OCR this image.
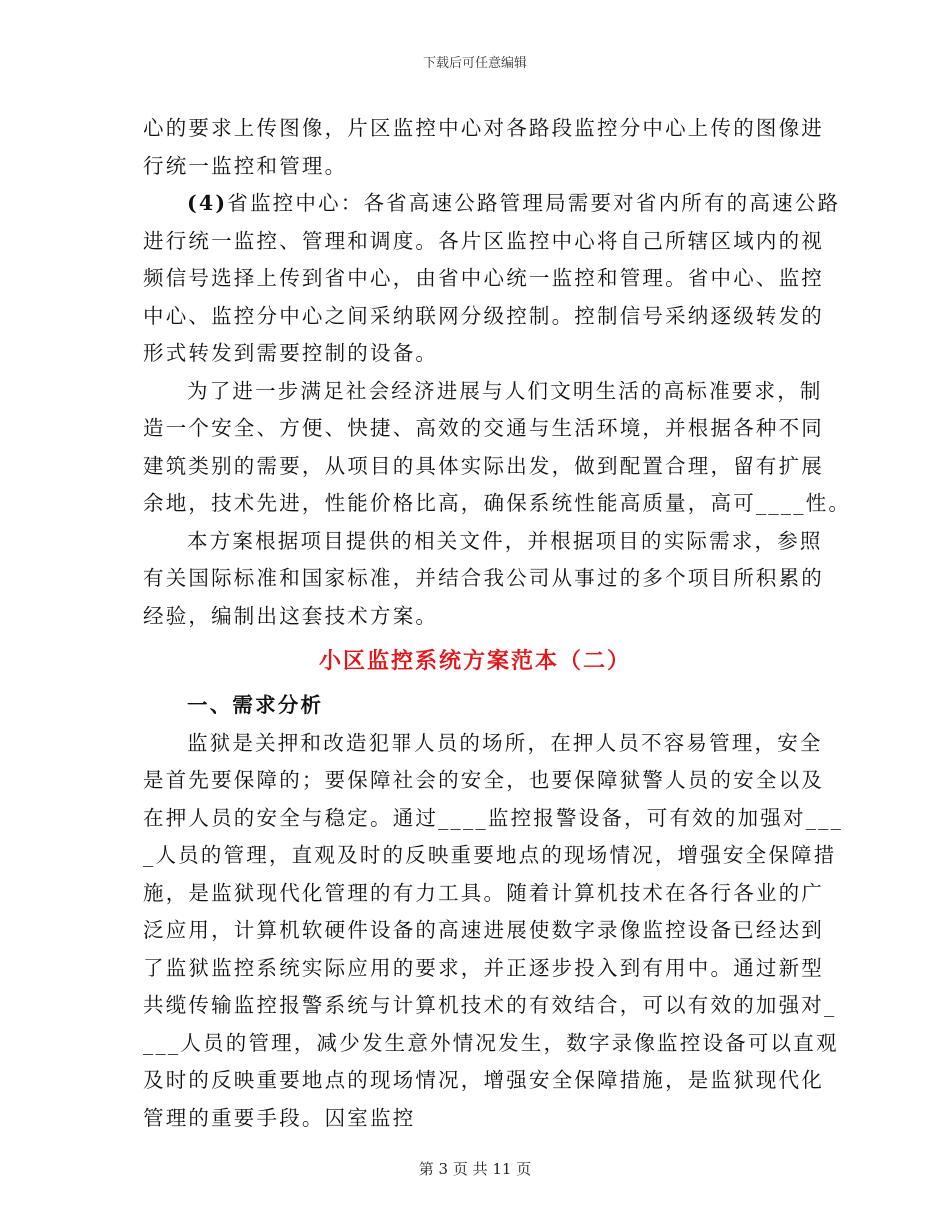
下载后可任意编辑
心的要求上传图像，片区监控中心对各路段监控分中心上传的图像进
行统一监控和管理。
(4)省监控中心：各省高速公路管理局需要对省内所有的高速公路
进行统一监控、管理和调度。各片区监控中心将自己所辖区域内的视
频信号选择上传到省中心，由省中心统一监控和管理。省中心、监控
中心、监控分中心之间采纳联网分级控制。控制信号采纳逐级转发的
形式转发到需要控制的设备。
为了进一步满足社会经济进展与人们文明生活的高标准要求，制
造一个安全、方便、快捷、高效的交通与生活环境，并根据各种不同
建筑类别的需要，从项目的具体实际出发，做到配置合理，留有扩展
余地，技术先进，性能价格比高，确保系统性能高质量，高可____性。
本方案根据项目提供的相关文件，并根据项目的实际需求，参照
有关国际标准和国家标准，并结合我公司从事过的多个项目所积累的
经验，编制出这套技术方案。
小区监控系统方案范本（二）
一、需求分析
监狱是关押和改造犯罪人员的场所，在押人员不容易管理，安全
是首先要保障的；要保障社会的安全，也要保障狱警人员的安全以及
在押人员的安全与稳定。通过____监控报警设备，可有效的加强对___
_人员的管理，直观及时的反映重要地点的现场情况，增强安全保障措
施，是监狱现代化管理的有力工具。随着计算机技术在各行各业的广
泛应用，计算机软硬件设备的高速进展使数字录像监控设备已经达到
了监狱监控系统实际应用的要求，并正逐步投入到有用中。通过新型
共缆传输监控报警系统与计算机技术的有效结合，可以有效的加强对_
___人员的管理，减少发生意外情况发生，数字录像监控设备可以直观
及时的反映重要地点的现场情况，增强安全保障措施，是监狱现代化
管理的重要手段。囚室监控
第 3 页 共 11 页
